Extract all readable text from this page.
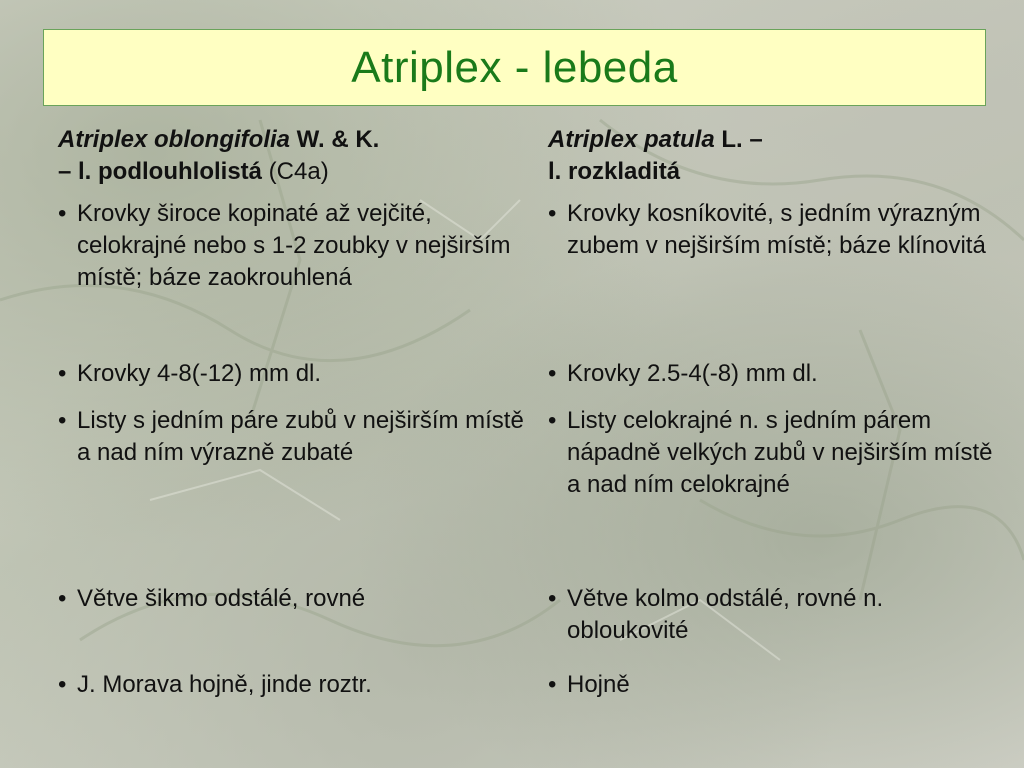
Atriplex - lebeda
Atriplex oblongifolia W. & K.
– l. podlouhlolistá (C4a)
• Krovky široce kopinaté až vejčité, celokrajné nebo s 1-2 zoubky v nejširším místě; báze zaokrouhlená
• Krovky 4-8(-12) mm dl.
• Listy s jedním páre zubů v nejširším místě a nad ním výrazně zubaté
• Větve šikmo odstálé, rovné
• J. Morava hojně, jinde roztr.
Atriplex patula L. –
l. rozkladitá
• Krovky kosníkovité, s jedním výrazným zubem v nejširším místě; báze klínovitá
• Krovky 2.5-4(-8) mm dl.
• Listy celokrajné n. s jedním párem nápadně velkých zubů v nejširším místě a nad ním celokrajné
• Větve kolmo odstálé, rovné n. obloukovité
• Hojně
